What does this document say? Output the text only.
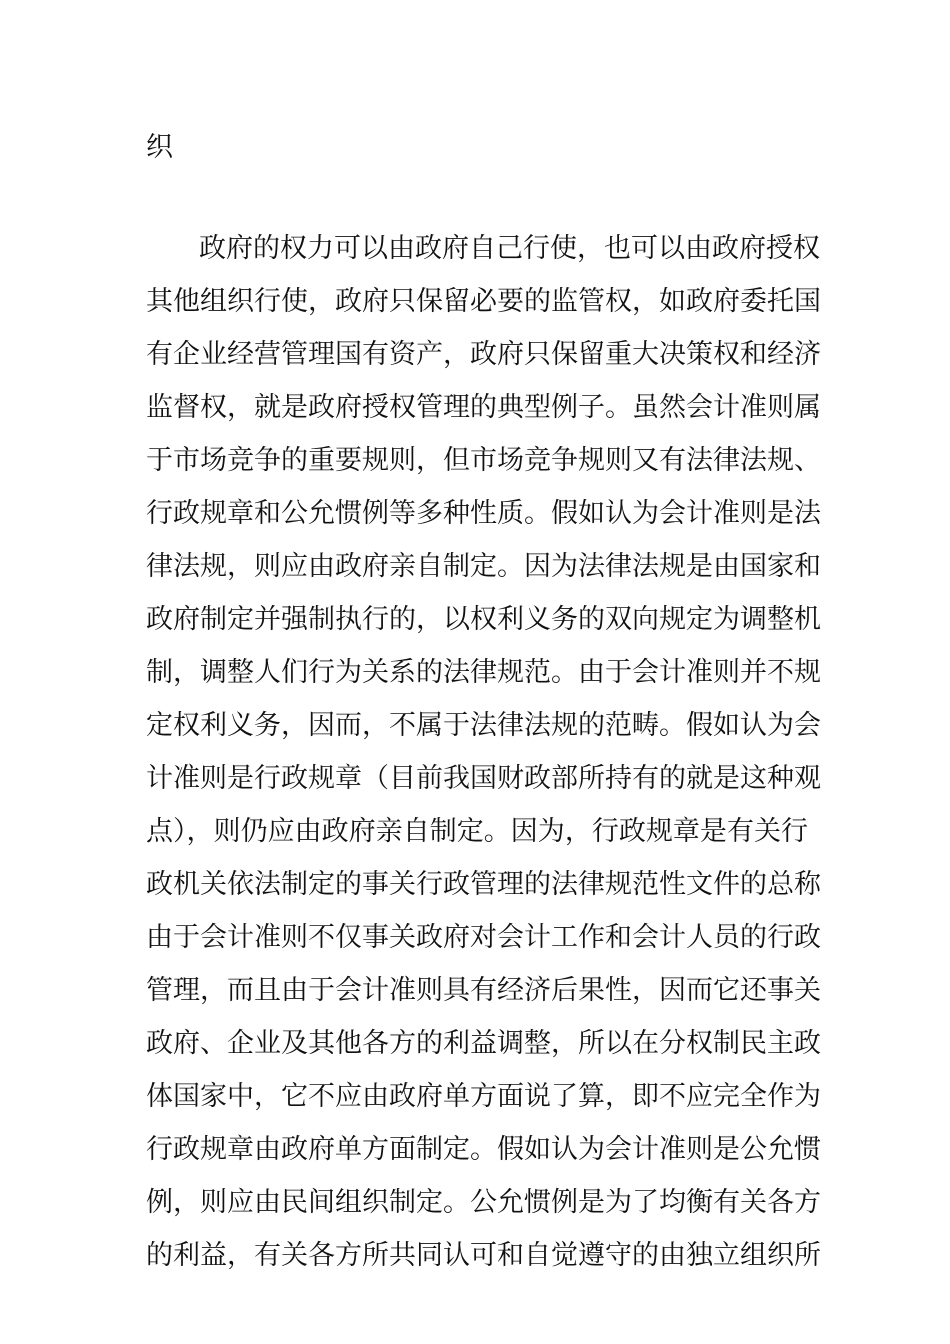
织
政府的权力可以由政府自己行使，也可以由政府授权
其他组织行使，政府只保留必要的监管权，如政府委托国
有企业经营管理国有资产，政府只保留重大决策权和经济
监督权，就是政府授权管理的典型例子。虽然会计准则属
于市场竞争的重要规则，但市场竞争规则又有法律法规、
行政规章和公允惯例等多种性质。假如认为会计准则是法
律法规，则应由政府亲自制定。因为法律法规是由国家和
政府制定并强制执行的，以权利义务的双向规定为调整机
制，调整人们行为关系的法律规范。由于会计准则并不规
定权利义务，因而，不属于法律法规的范畴。假如认为会
计准则是行政规章（目前我国财政部所持有的就是这种观
点），则仍应由政府亲自制定。因为，行政规章是有关行
政机关依法制定的事关行政管理的法律规范性文件的总称
由于会计准则不仅事关政府对会计工作和会计人员的行政
管理，而且由于会计准则具有经济后果性，因而它还事关
政府、企业及其他各方的利益调整，所以在分权制民主政
体国家中，它不应由政府单方面说了算，即不应完全作为
行政规章由政府单方面制定。假如认为会计准则是公允惯
例，则应由民间组织制定。公允惯例是为了均衡有关各方
的利益，有关各方所共同认可和自觉遵守的由独立组织所
